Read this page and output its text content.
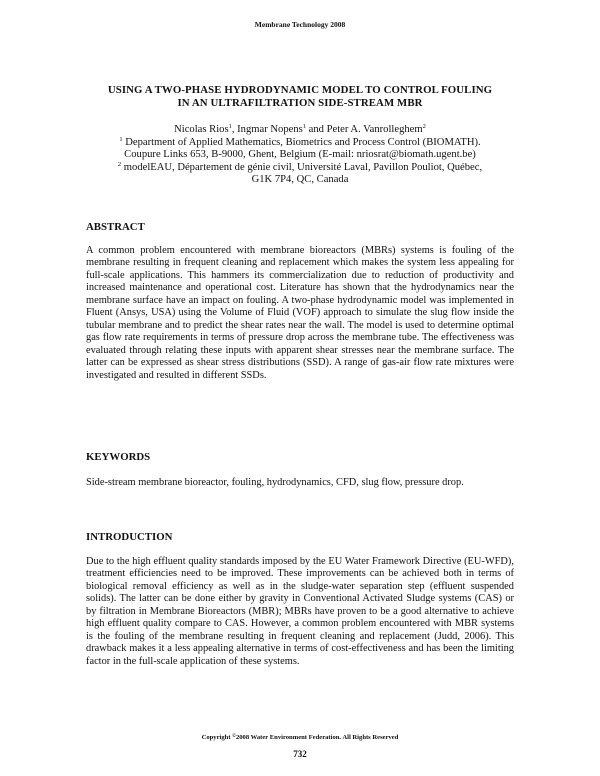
Membrane Technology 2008
USING A TWO-PHASE HYDRODYNAMIC MODEL TO CONTROL FOULING
IN AN ULTRAFILTRATION SIDE-STREAM MBR
Nicolas Rios$^1$, Ingmar Nopens$^1$ and Peter A. Vanrolleghem$^2$
$^1$ Department of Applied Mathematics, Biometrics and Process Control (BIOMATH).
Coupure Links 653, B-9000, Ghent, Belgium (E-mail: nriosrat@biomath.ugent.be)
$^2$ modelEAU, Département de génie civil, Université Laval, Pavillon Pouliot, Québec,
G1K 7P4, QC, Canada
ABSTRACT
A common problem encountered with membrane bioreactors (MBRs) systems is fouling of the membrane resulting in frequent cleaning and replacement which makes the system less appealing for full-scale applications. This hammers its commercialization due to reduction of productivity and increased maintenance and operational cost. Literature has shown that the hydrodynamics near the membrane surface have an impact on fouling. A two-phase hydrodynamic model was implemented in Fluent (Ansys, USA) using the Volume of Fluid (VOF) approach to simulate the slug flow inside the tubular membrane and to predict the shear rates near the wall. The model is used to determine optimal gas flow rate requirements in terms of pressure drop across the membrane tube. The effectiveness was evaluated through relating these inputs with apparent shear stresses near the membrane surface. The latter can be expressed as shear stress distributions (SSD). A range of gas-air flow rate mixtures were investigated and resulted in different SSDs.
KEYWORDS
Side-stream membrane bioreactor, fouling, hydrodynamics, CFD, slug flow, pressure drop.
INTRODUCTION
Due to the high effluent quality standards imposed by the EU Water Framework Directive (EU-WFD), treatment efficiencies need to be improved. These improvements can be achieved both in terms of biological removal efficiency as well as in the sludge-water separation step (effluent suspended solids). The latter can be done either by gravity in Conventional Activated Sludge systems (CAS) or by filtration in Membrane Bioreactors (MBR); MBRs have proven to be a good alternative to achieve high effluent quality compare to CAS. However, a common problem encountered with MBR systems is the fouling of the membrane resulting in frequent cleaning and replacement (Judd, 2006). This drawback makes it a less appealing alternative in terms of cost-effectiveness and has been the limiting factor in the full-scale application of these systems.
Copyright ©2008 Water Environment Federation. All Rights Reserved
732
